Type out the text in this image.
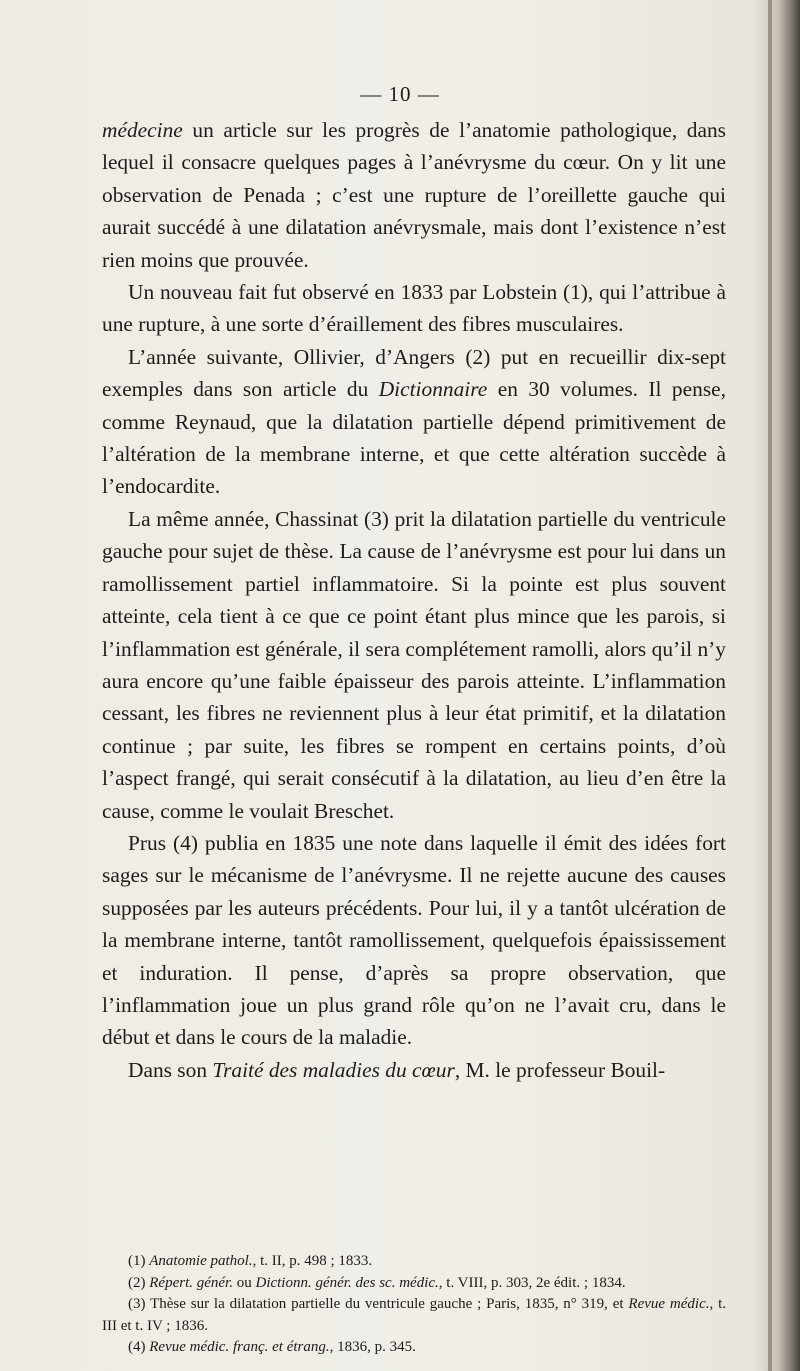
— 10 —

médecine un article sur les progrès de l’anatomie pathologique, dans lequel il consacre quelques pages à l’anévrysme du cœur. On y lit une observation de Penada ; c’est une rupture de l’oreillette gauche qui aurait succédé à une dilatation anévrysmale, mais dont l’existence n’est rien moins que prouvée.

Un nouveau fait fut observé en 1833 par Lobstein (1), qui l’attribue à une rupture, à une sorte d’éraillement des fibres musculaires.

L’année suivante, Ollivier, d’Angers (2) put en recueillir dix-sept exemples dans son article du Dictionnaire en 30 volumes. Il pense, comme Reynaud, que la dilatation partielle dépend primitivement de l’altération de la membrane interne, et que cette altération succède à l’endocardite.

La même année, Chassinat (3) prit la dilatation partielle du ventricule gauche pour sujet de thèse. La cause de l’anévrysme est pour lui dans un ramollissement partiel inflammatoire. Si la pointe est plus souvent atteinte, cela tient à ce que ce point étant plus mince que les parois, si l’inflammation est générale, il sera complétement ramolli, alors qu’il n’y aura encore qu’une faible épaisseur des parois atteinte. L’inflammation cessant, les fibres ne reviennent plus à leur état primitif, et la dilatation continue ; par suite, les fibres se rompent en certains points, d’où l’aspect frangé, qui serait consécutif à la dilatation, au lieu d’en être la cause, comme le voulait Breschet.

Prus (4) publia en 1835 une note dans laquelle il émit des idées fort sages sur le mécanisme de l’anévrysme. Il ne rejette aucune des causes supposées par les auteurs précédents. Pour lui, il y a tantôt ulcération de la membrane interne, tantôt ramollissement, quelquefois épaississement et induration. Il pense, d’après sa propre observation, que l’inflammation joue un plus grand rôle qu’on ne l’avait cru, dans le début et dans le cours de la maladie.

Dans son Traité des maladies du cœur, M. le professeur Bouil-

(1) Anatomie pathol., t. II, p. 498 ; 1833.

(2) Répert. génér. ou Dictionn. génér. des sc. médic., t. VIII, p. 303, 2e édit. ; 1834.

(3) Thèse sur la dilatation partielle du ventricule gauche ; Paris, 1835, n° 319, et Revue médic., t. III et t. IV ; 1836.

(4) Revue médic. franç. et étrang., 1836, p. 345.
